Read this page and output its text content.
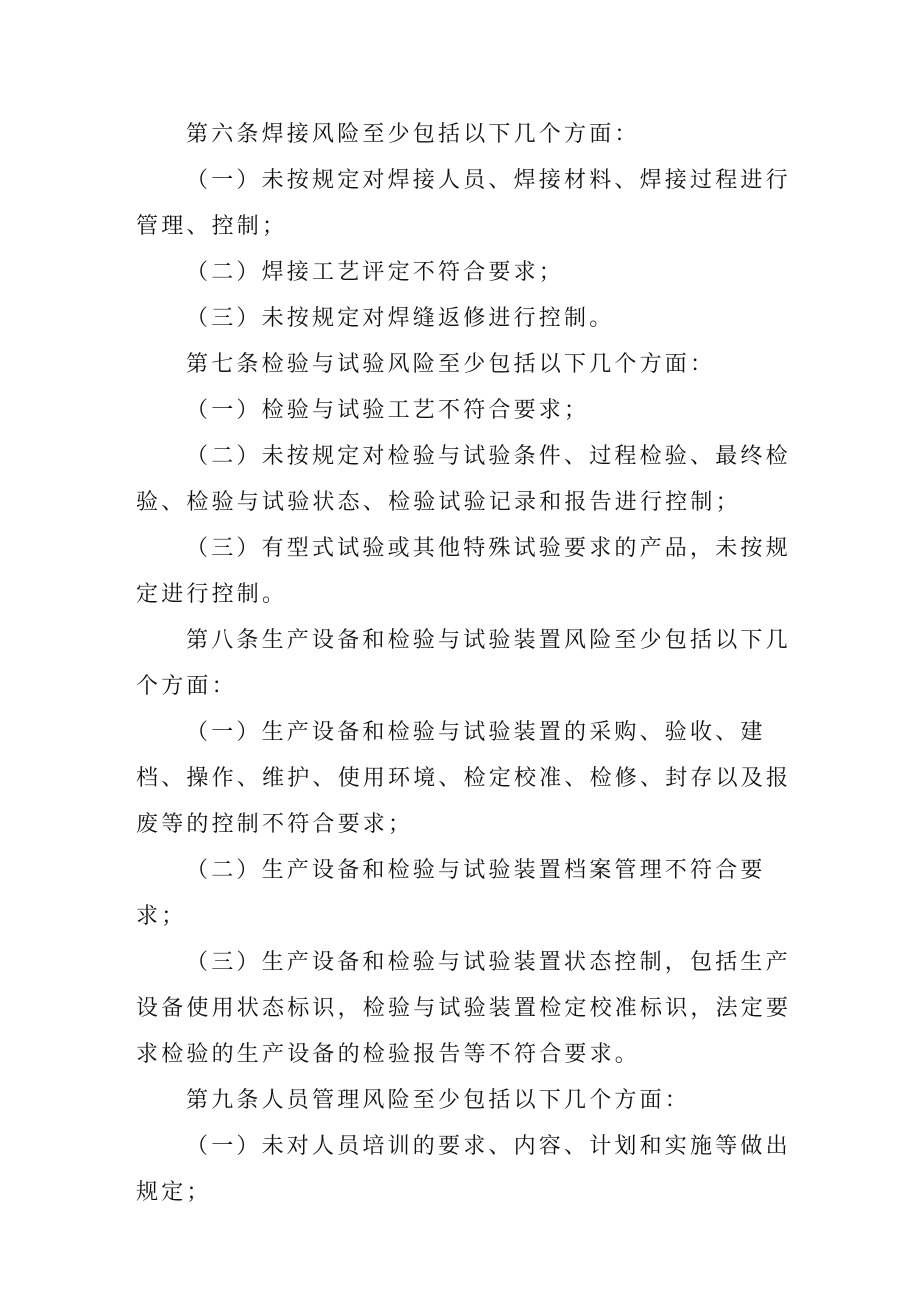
第六条焊接风险至少包括以下几个方面：

（一）未按规定对焊接人员、焊接材料、焊接过程进行管理、控制；

（二）焊接工艺评定不符合要求；

（三）未按规定对焊缝返修进行控制。

第七条检验与试验风险至少包括以下几个方面：

（一）检验与试验工艺不符合要求；

（二）未按规定对检验与试验条件、过程检验、最终检验、检验与试验状态、检验试验记录和报告进行控制；

（三）有型式试验或其他特殊试验要求的产品，未按规定进行控制。

第八条生产设备和检验与试验装置风险至少包括以下几个方面：

（一）生产设备和检验与试验装置的采购、验收、建档、操作、维护、使用环境、检定校准、检修、封存以及报废等的控制不符合要求；

（二）生产设备和检验与试验装置档案管理不符合要求；

（三）生产设备和检验与试验装置状态控制，包括生产设备使用状态标识，检验与试验装置检定校准标识，法定要求检验的生产设备的检验报告等不符合要求。

第九条人员管理风险至少包括以下几个方面：

（一）未对人员培训的要求、内容、计划和实施等做出规定；
